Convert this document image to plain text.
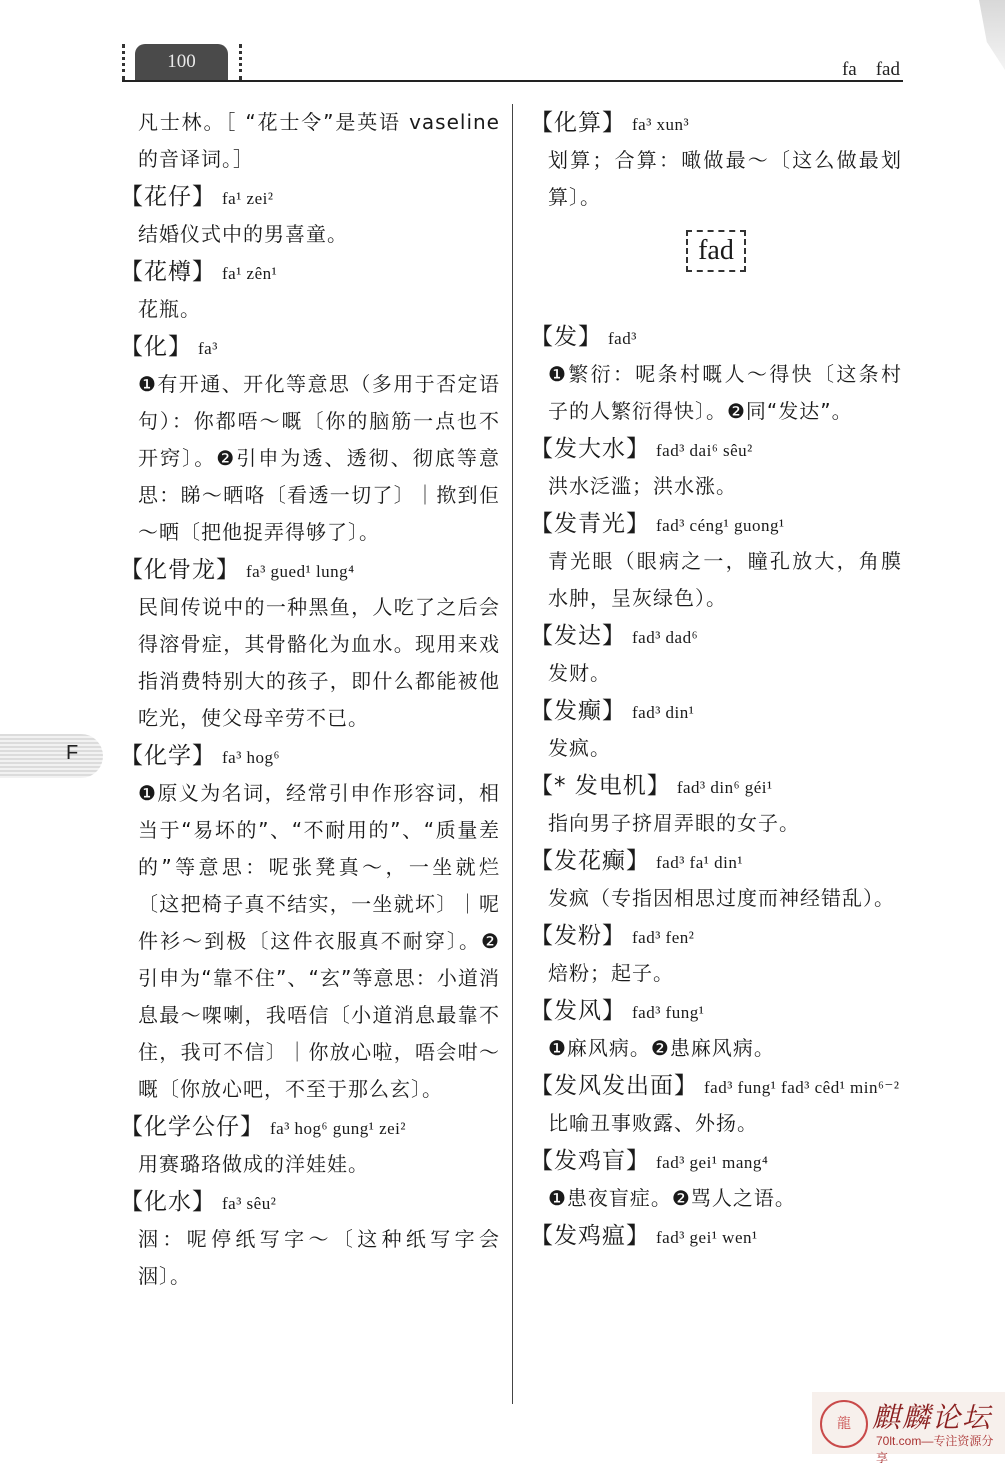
100	fa　fad
F
凡士林。［ “花士令”是英语 vaseline 的音译词。］
【花仔】 fa¹ zei²
结婚仪式中的男喜童。
【花樽】 fa¹ zên¹
花瓶。
【化】 fa³
❶有开通、开化等意思（多用于否定语句）：你都唔～嘅〔你的脑筋一点也不开窍〕。❷引申为透、透彻、彻底等意思：睇～晒咯〔看透一切了〕｜揿到佢～晒〔把他捉弄得够了〕。
【化骨龙】 fa³ gued¹ lung⁴
民间传说中的一种黑鱼，人吃了之后会得溶骨症，其骨骼化为血水。现用来戏指消费特别大的孩子，即什么都能被他吃光，使父母辛劳不已。
【化学】 fa³ hog⁶
❶原义为名词，经常引申作形容词，相当于“易坏的”、“不耐用的”、“质量差的”等意思：呢张凳真～，一坐就烂〔这把椅子真不结实，一坐就坏〕｜呢件衫～到极〔这件衣服真不耐穿〕。❷引申为“靠不住”、“玄”等意思：小道消息最～㗎喇，我唔信〔小道消息最靠不住，我可不信〕｜你放心啦，唔会咁～嘅〔你放心吧，不至于那么玄〕。
【化学公仔】 fa³ hog⁶ gung¹ zei²
用赛璐珞做成的洋娃娃。
【化水】 fa³ sêu²
洇：呢停纸写字～〔这种纸写字会洇〕。
【化算】 fa³ xun³
划算；合算：噉做最～〔这么做最划算〕。
fad
【发】 fad³
❶繁衍：呢条村嘅人～得快〔这条村子的人繁衍得快〕。❷同“发达”。
【发大水】 fad³ dai⁶ sêu²
洪水泛滥；洪水涨。
【发青光】 fad³ céng¹ guong¹
青光眼（眼病之一，瞳孔放大，角膜水肿，呈灰绿色）。
【发达】 fad³ dad⁶
发财。
【发癫】 fad³ din¹
发疯。
【* 发电机】 fad³ din⁶ géi¹
指向男子挤眉弄眼的女子。
【发花癫】 fad³ fa¹ din¹
发疯（专指因相思过度而神经错乱）。
【发粉】 fad³ fen²
焙粉；起子。
【发风】 fad³ fung¹
❶麻风病。❷患麻风病。
【发风发出面】 fad³ fung¹ fad³ cêd¹ min⁶⁻²
比喻丑事败露、外扬。
【发鸡盲】 fad³ gei¹ mang⁴
❶患夜盲症。❷骂人之语。
【发鸡瘟】 fad³ gei¹ wen¹
龍 麒麟论坛
70lt.com—专注资源分享
